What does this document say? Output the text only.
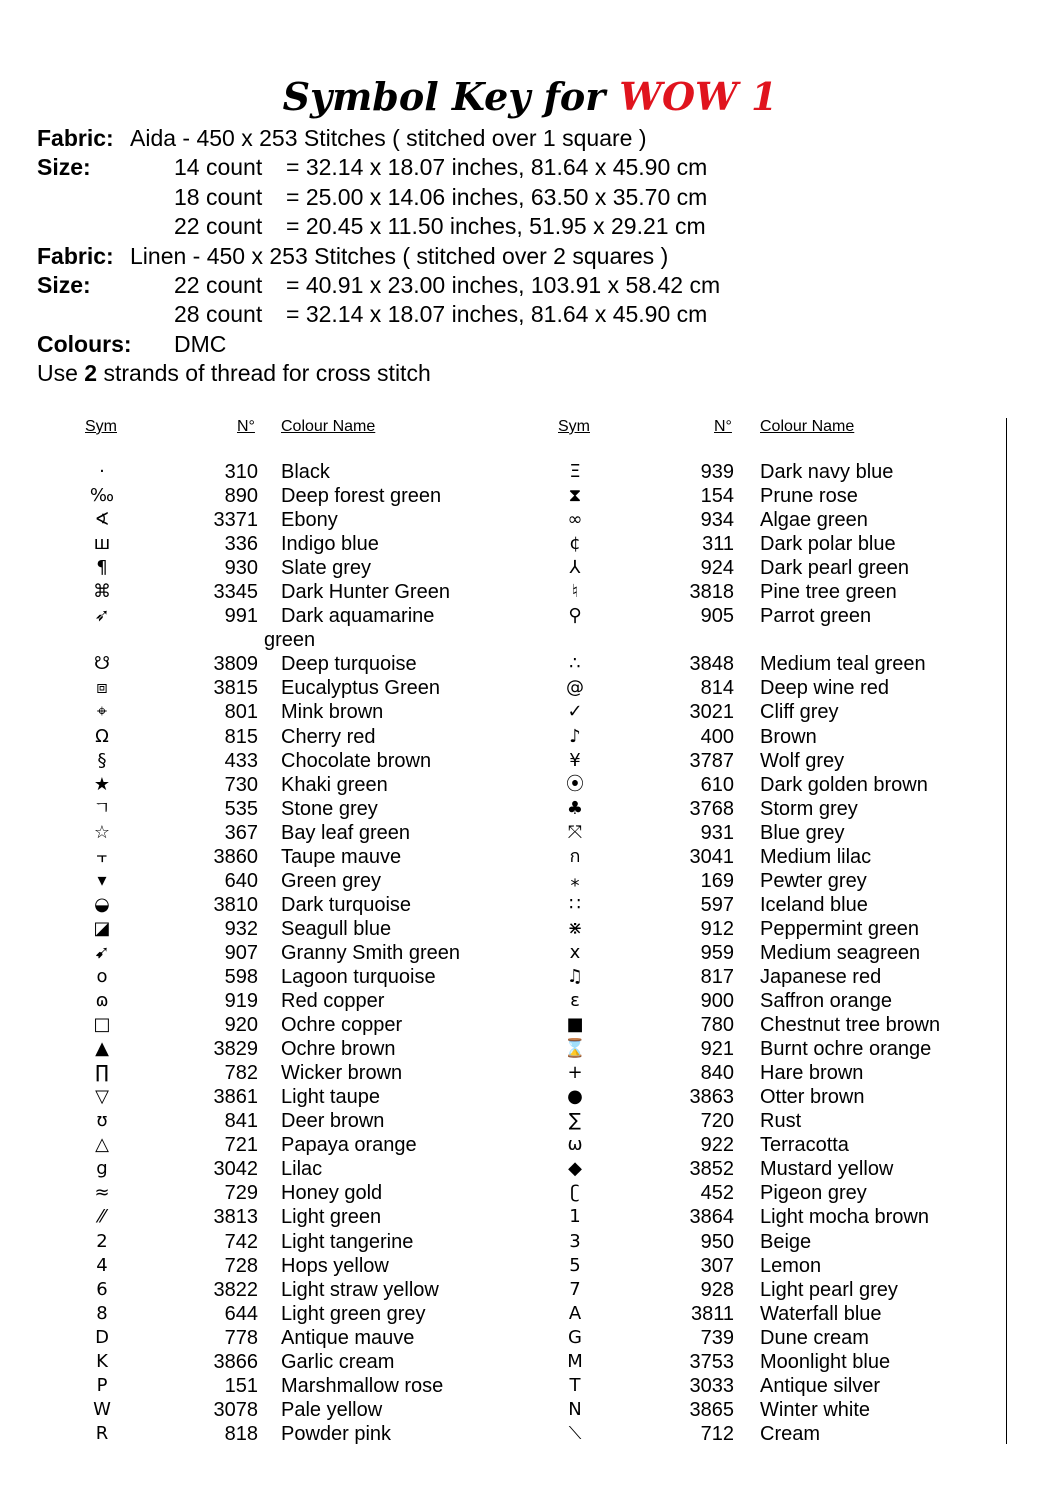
Symbol Key for WOW 1
Fabric: Aida - 450 x 253 Stitches ( stitched over 1 square )
Size:	14 count = 32.14 x 18.07 inches, 81.64 x 45.90 cm
18 count = 25.00 x 14.06 inches, 63.50 x 35.70 cm
22 count = 20.45 x 11.50 inches, 51.95 x 29.21 cm
Fabric: Linen - 450 x 253 Stitches ( stitched over 2 squares )
Size:	22 count = 40.91 x 23.00 inches, 103.91 x 58.42 cm
28 count = 32.14 x 18.07 inches, 81.64 x 45.90 cm
Colours: DMC
Use 2 strands of thread for cross stitch
Sym	N° Colour Name	Sym	N° Colour Name
·	310 Black
‰	890 Deep forest green
∢	3371 Ebony
ш	336 Indigo blue
¶	930 Slate grey
⌘	3345 Dark Hunter Green
➶	991 Dark aquamarine
green
☋	3809 Deep turquoise
⧈	3815 Eucalyptus Green
⌖	801 Mink brown
Ω	815 Cherry red
§	433 Chocolate brown
★	730 Khaki green
ㄱ	535 Stone grey
☆	367 Bay leaf green
⫟	3860 Taupe mauve
▾	640 Green grey
◒	3810 Dark turquoise
◪	932 Seagull blue
➹	907 Granny Smith green
o	598 Lagoon turquoise
ɷ	919 Red copper
□	920 Ochre copper
▲	3829 Ochre brown
∏	782 Wicker brown
▽	3861 Light taupe
ʊ	841 Deer brown
△	721 Papaya orange
g	3042 Lilac
≈	729 Honey gold
⁄⁄	3813 Light green
2	742 Light tangerine
4	728 Hops yellow
6	3822 Light straw yellow
8	644 Light green grey
D	778 Antique mauve
K	3866 Garlic cream
P	151 Marshmallow rose
W	3078 Pale yellow
R	818 Powder pink
Ξ	939 Dark navy blue
⧗	154 Prune rose
∞	934 Algae green
¢	311 Dark polar blue
⅄	924 Dark pearl green
♮	3818 Pine tree green
⚲	905 Parrot green
∴	3848 Medium teal green
@	814 Deep wine red
✓	3021 Cliff grey
♪	400 Brown
¥	3787 Wolf grey
⦿	610 Dark golden brown
♣	3768 Storm grey
⤧	931 Blue grey
ก	3041 Medium lilac
⁎	169 Pewter grey
∷	597 Iceland blue
⋇	912 Peppermint green
x	959 Medium seagreen
♫	817 Japanese red
ε	900 Saffron orange
■	780 Chestnut tree brown
⌛	921 Burnt ochre orange
+	840 Hare brown
●	3863 Otter brown
∑	720 Rust
ω	922 Terracotta
◆	3852 Mustard yellow
ʗ	452 Pigeon grey
1	3864 Light mocha brown
3	950 Beige
5	307 Lemon
7	928 Light pearl grey
A	3811 Waterfall blue
G	739 Dune cream
M	3753 Moonlight blue
T	3033 Antique silver
N	3865 Winter white
⟍	712 Cream
